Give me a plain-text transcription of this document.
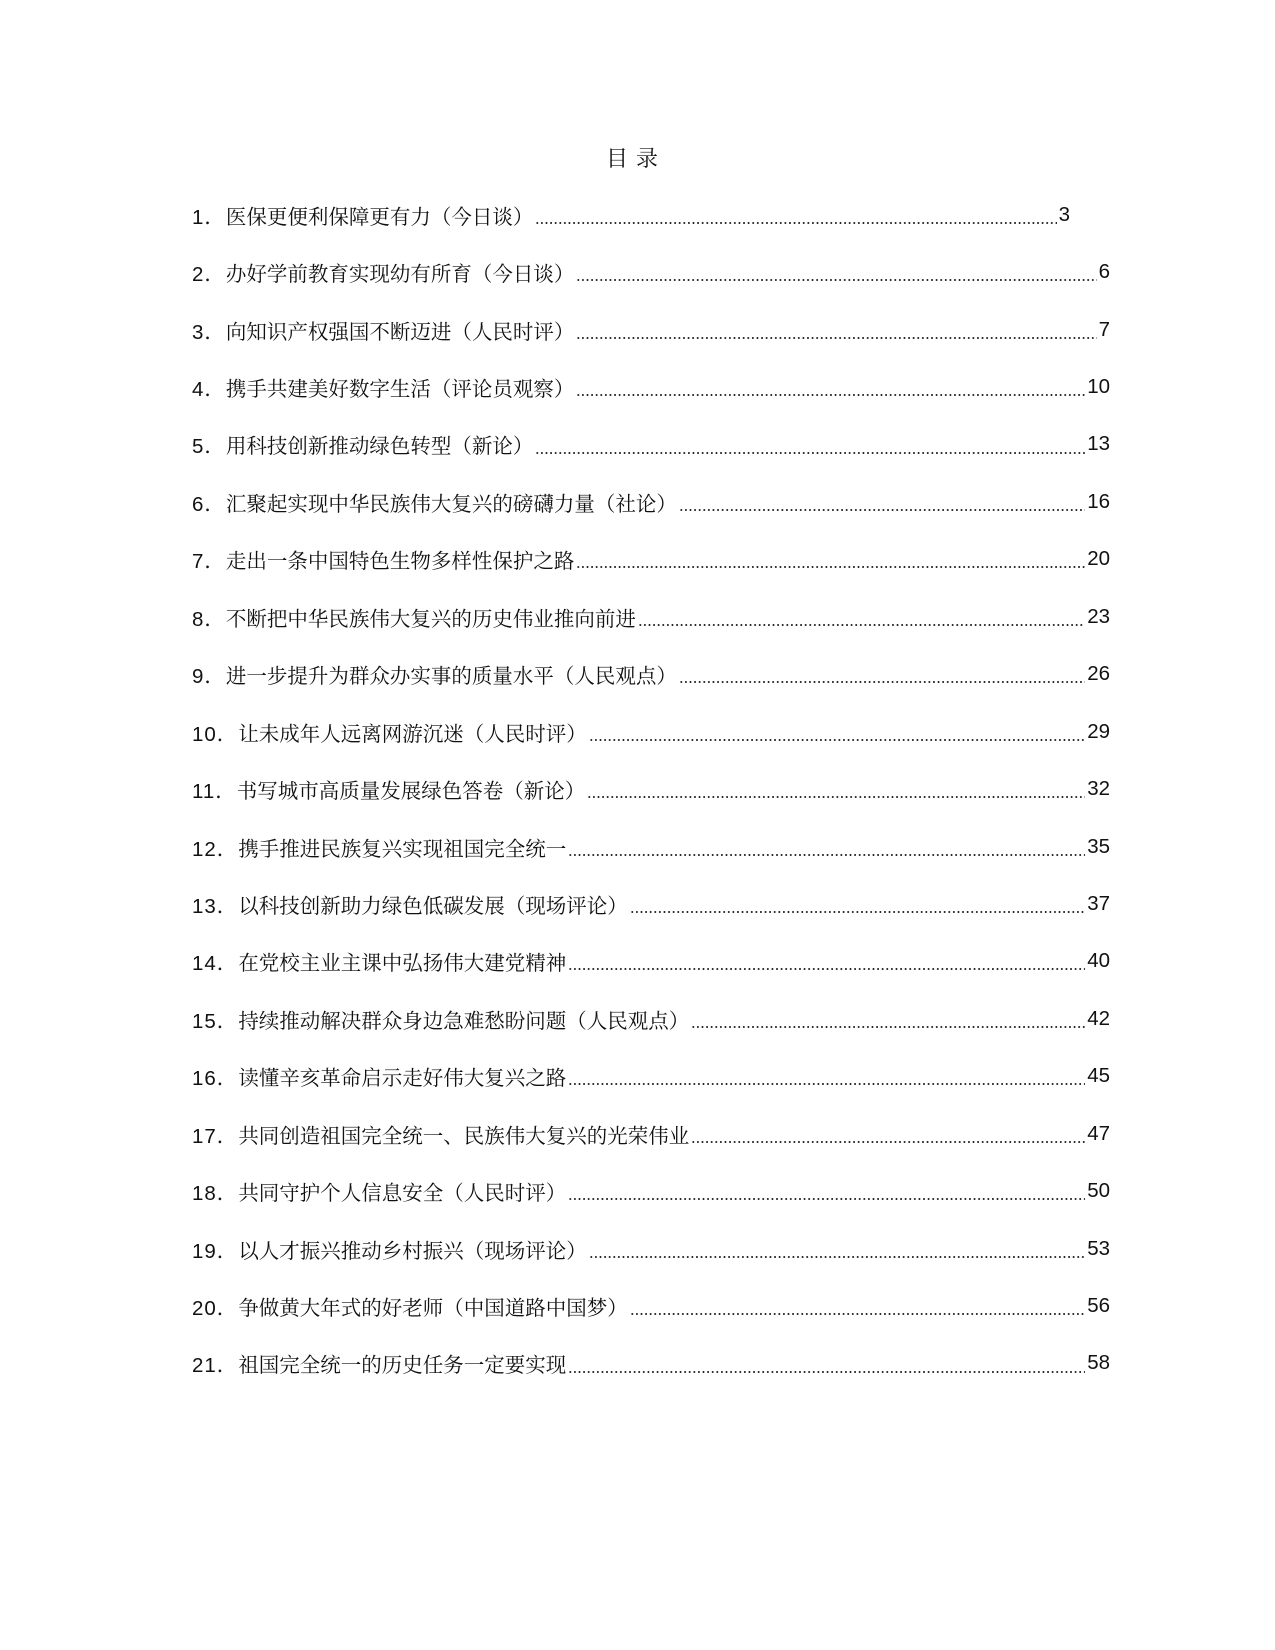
目 录
1． 医保更便利保障更有力（今日谈）	3
2． 办好学前教育实现幼有所育（今日谈）	6
3． 向知识产权强国不断迈进（人民时评）	7
4． 携手共建美好数字生活（评论员观察）	10
5． 用科技创新推动绿色转型（新论）	13
6． 汇聚起实现中华民族伟大复兴的磅礴力量（社论）	16
7． 走出一条中国特色生物多样性保护之路	20
8． 不断把中华民族伟大复兴的历史伟业推向前进	23
9． 进一步提升为群众办实事的质量水平（人民观点）	26
10． 让未成年人远离网游沉迷（人民时评）	29
11． 书写城市高质量发展绿色答卷（新论）	32
12． 携手推进民族复兴实现祖国完全统一	35
13． 以科技创新助力绿色低碳发展（现场评论）	37
14． 在党校主业主课中弘扬伟大建党精神	40
15． 持续推动解决群众身边急难愁盼问题（人民观点）	42
16． 读懂辛亥革命启示走好伟大复兴之路	45
17． 共同创造祖国完全统一、民族伟大复兴的光荣伟业	47
18． 共同守护个人信息安全（人民时评）	50
19． 以人才振兴推动乡村振兴（现场评论）	53
20． 争做黄大年式的好老师（中国道路中国梦）	56
21． 祖国完全统一的历史任务一定要实现	58
